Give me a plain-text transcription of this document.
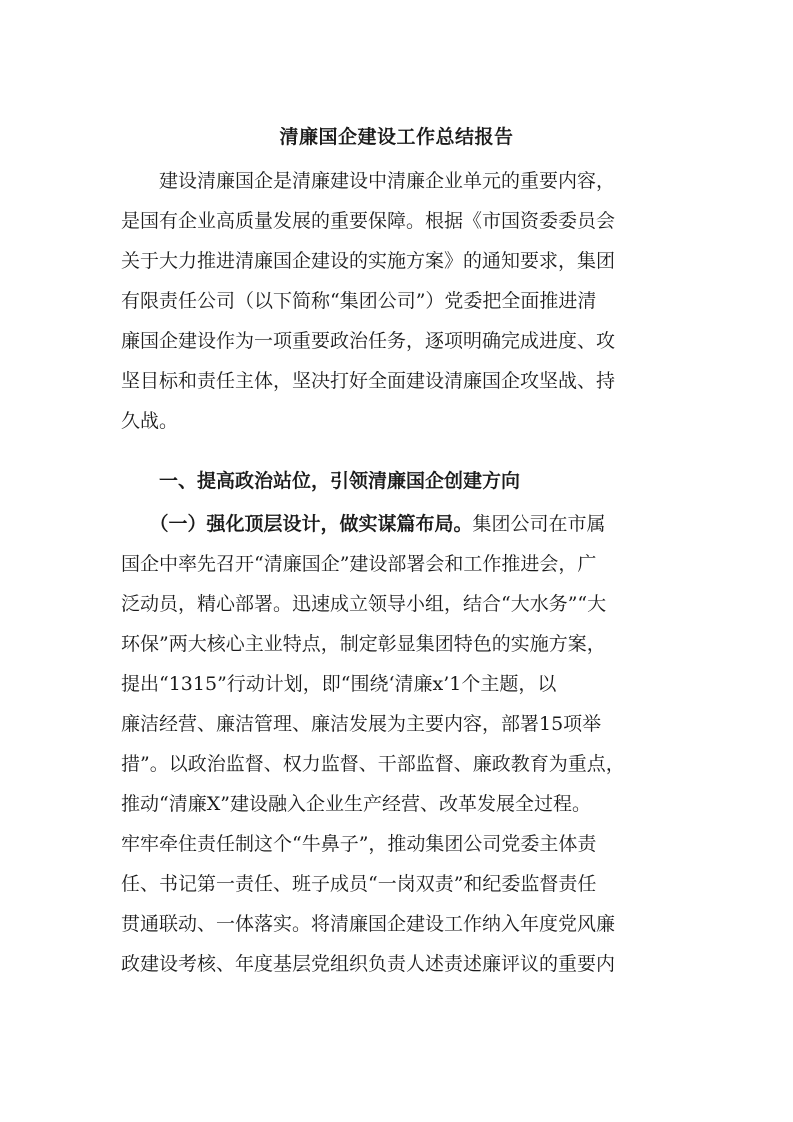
清廉国企建设工作总结报告
　　建设清廉国企是清廉建设中清廉企业单元的重要内容，
是国有企业高质量发展的重要保障。根据《市国资委委员会
关于大力推进清廉国企建设的实施方案》的通知要求，集团
有限责任公司（以下简称“集团公司”）党委把全面推进清
廉国企建设作为一项重要政治任务，逐项明确完成进度、攻
坚目标和责任主体，坚决打好全面建设清廉国企攻坚战、持
久战。
　　一、提高政治站位，引领清廉国企创建方向
　　（一）强化顶层设计，做实谋篇布局。集团公司在市属
国企中率先召开“清廉国企”建设部署会和工作推进会，广
泛动员，精心部署。迅速成立领导小组，结合“大水务”“大
环保”两大核心主业特点，制定彰显集团特色的实施方案，
提出“1315”行动计划，即“围绕‘清廉x’1个主题，以
廉洁经营、廉洁管理、廉洁发展为主要内容，部署15项举
措”。以政治监督、权力监督、干部监督、廉政教育为重点，
推动“清廉X”建设融入企业生产经营、改革发展全过程。
牢牢牵住责任制这个“牛鼻子”，推动集团公司党委主体责
任、书记第一责任、班子成员“一岗双责”和纪委监督责任
贯通联动、一体落实。将清廉国企建设工作纳入年度党风廉
政建设考核、年度基层党组织负责人述责述廉评议的重要内
